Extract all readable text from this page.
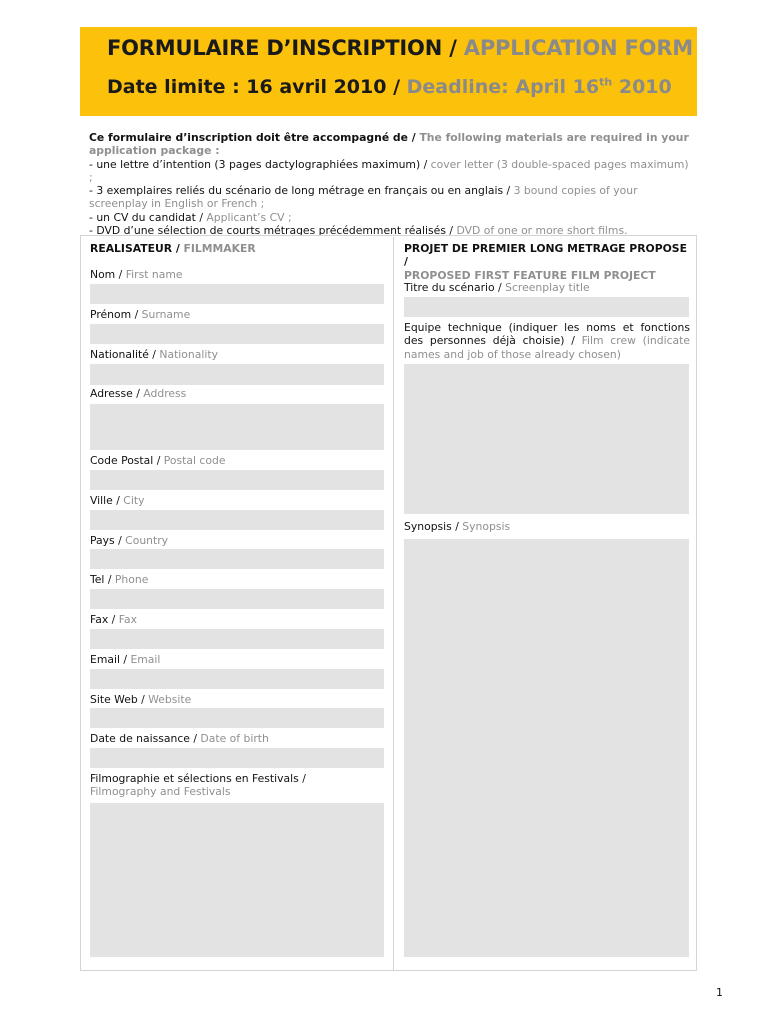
FORMULAIRE D’INSCRIPTION / APPLICATION FORM
Date limite : 16 avril 2010 / Deadline: April 16th 2010
Ce formulaire d’inscription doit être accompagné de / The following materials are required in your application package :
- une lettre d’intention (3 pages dactylographiées maximum) / cover letter (3 double-spaced pages maximum) ;
- 3 exemplaires reliés du scénario de long métrage en français ou en anglais / 3 bound copies of your screenplay in English or French ;
- un CV du candidat / Applicant’s CV ;
- DVD d’une sélection de courts métrages précédemment réalisés / DVD of one or more short films.
REALISATEUR / FILMMAKER
Nom / First name
Prénom / Surname
Nationalité / Nationality
Adresse / Address
Code Postal / Postal code
Ville / City
Pays / Country
Tel / Phone
Fax / Fax
Email / Email
Site Web / Website
Date de naissance / Date of birth
Filmographie et sélections en Festivals /
Filmography and Festivals
PROJET DE PREMIER LONG METRAGE PROPOSE /
PROPOSED FIRST FEATURE FILM PROJECT
Titre du scénario / Screenplay title
Equipe technique (indiquer les noms et fonctions des personnes déjà choisie) / Film crew (indicate names and job of those already chosen)
Synopsis / Synopsis
1
